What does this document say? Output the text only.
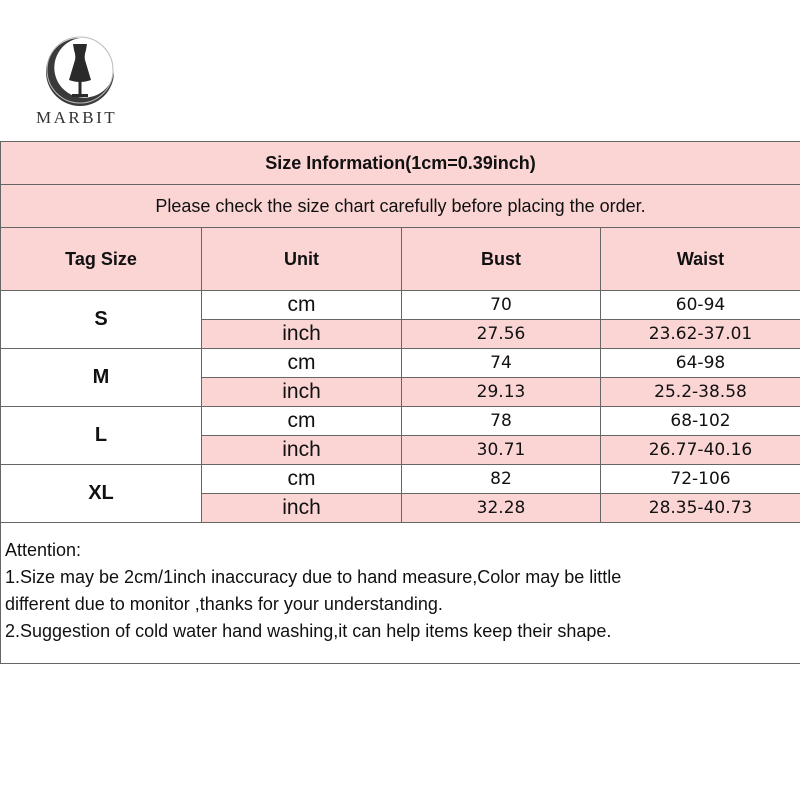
MARBIT
Size Information(1cm=0.39inch)			
Please check the size chart carefully before placing the order.			
Tag Size	Unit	Bust	Waist
S	cm	70	60-94
	inch	27.56	23.62-37.01
M	cm	74	64-98
	inch	29.13	25.2-38.58
L	cm	78	68-102
	inch	30.71	26.77-40.16
XL	cm	82	72-106
	inch	32.28	28.35-40.73

Attention:
1.Size may be 2cm/1inch inaccuracy due to hand measure,Color may be little
different due to monitor ,thanks for your understanding.
2.Suggestion of cold water hand washing,it can help items keep their shape.			
